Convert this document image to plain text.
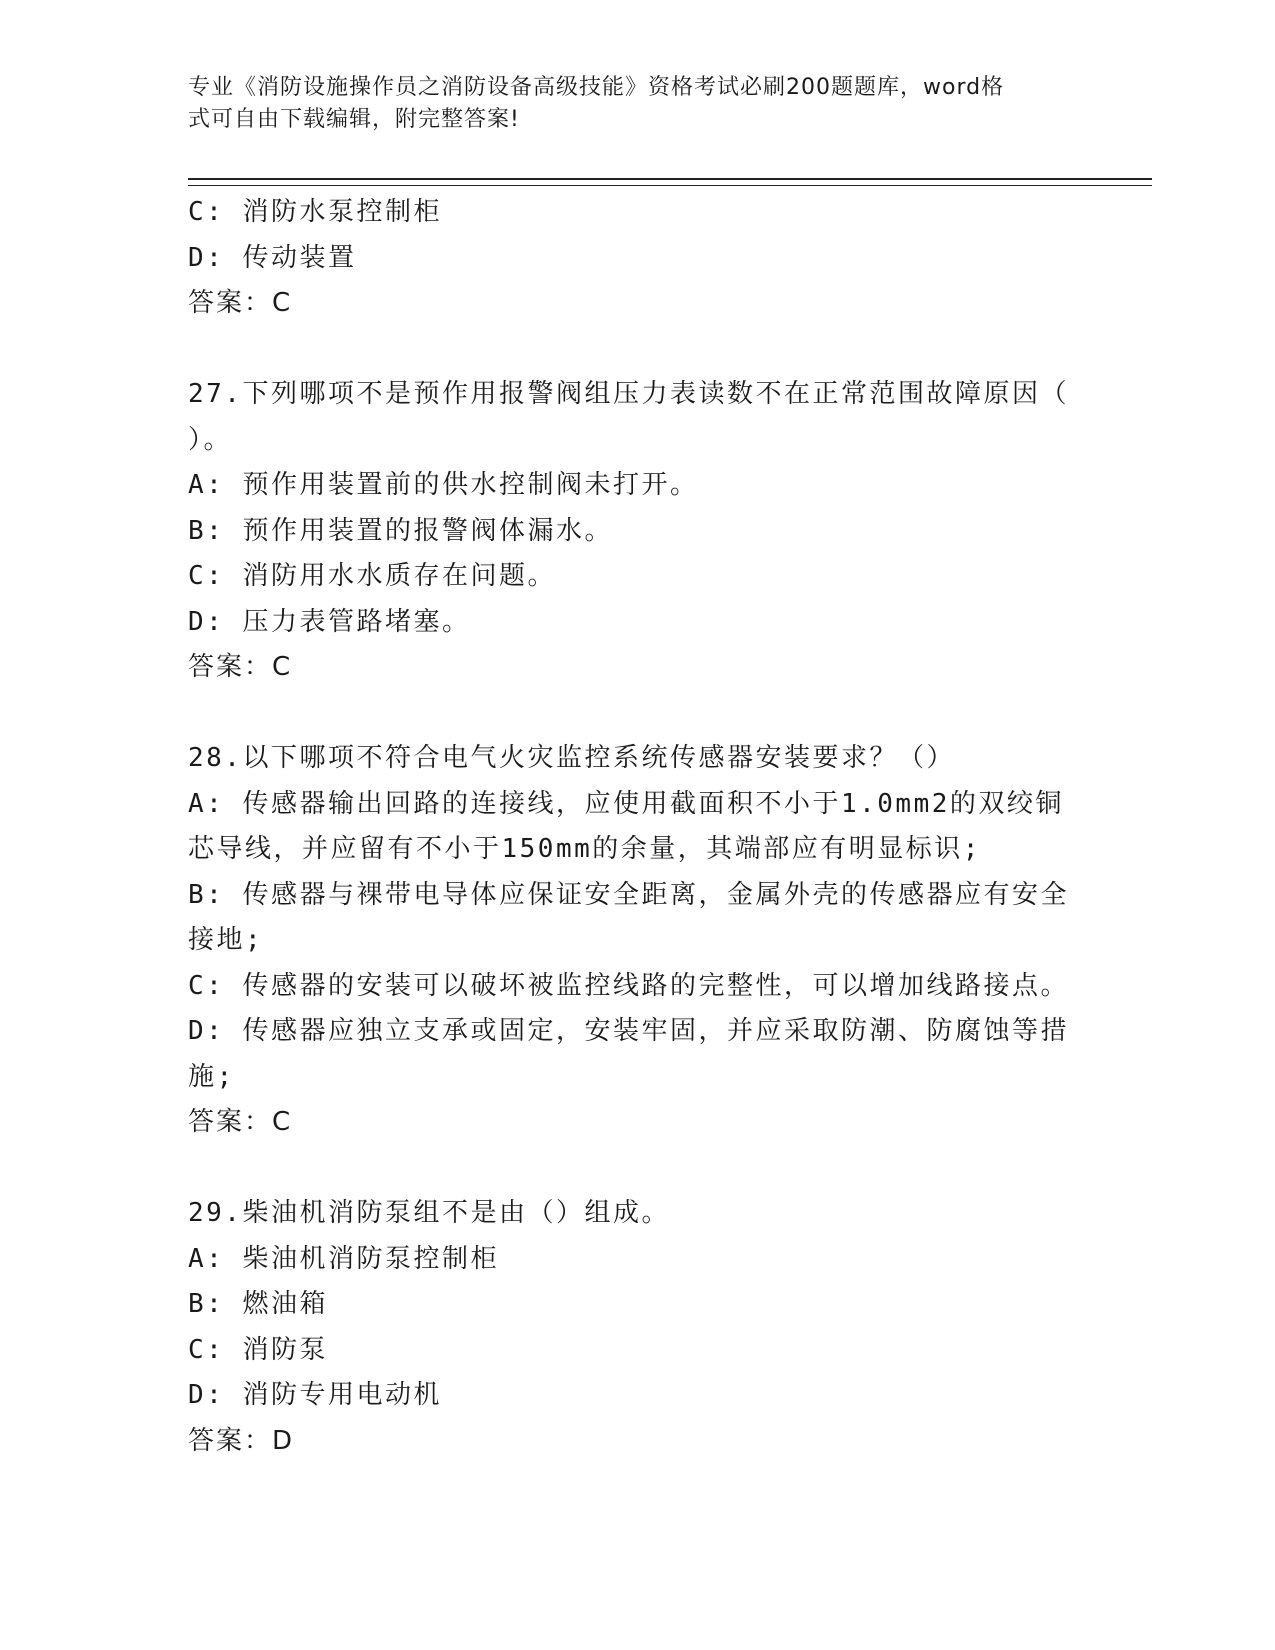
专业《消防设施操作员之消防设备高级技能》资格考试必刷200题题库，word格
式可自由下载编辑，附完整答案!
C: 消防水泵控制柜
D: 传动装置
答案：C
27.下列哪项不是预作用报警阀组压力表读数不在正常范围故障原因（
）。
A: 预作用装置前的供水控制阀未打开。
B: 预作用装置的报警阀体漏水。
C: 消防用水水质存在问题。
D: 压力表管路堵塞。
答案：C
28.以下哪项不符合电气火灾监控系统传感器安装要求？（）
A: 传感器输出回路的连接线，应使用截面积不小于1.0mm2的双绞铜
芯导线，并应留有不小于150mm的余量，其端部应有明显标识;
B: 传感器与裸带电导体应保证安全距离，金属外壳的传感器应有安全
接地;
C: 传感器的安装可以破坏被监控线路的完整性，可以增加线路接点。
D: 传感器应独立支承或固定，安装牢固，并应采取防潮、防腐蚀等措
施;
答案：C
29.柴油机消防泵组不是由（）组成。
A: 柴油机消防泵控制柜
B: 燃油箱
C: 消防泵
D: 消防专用电动机
答案：D
